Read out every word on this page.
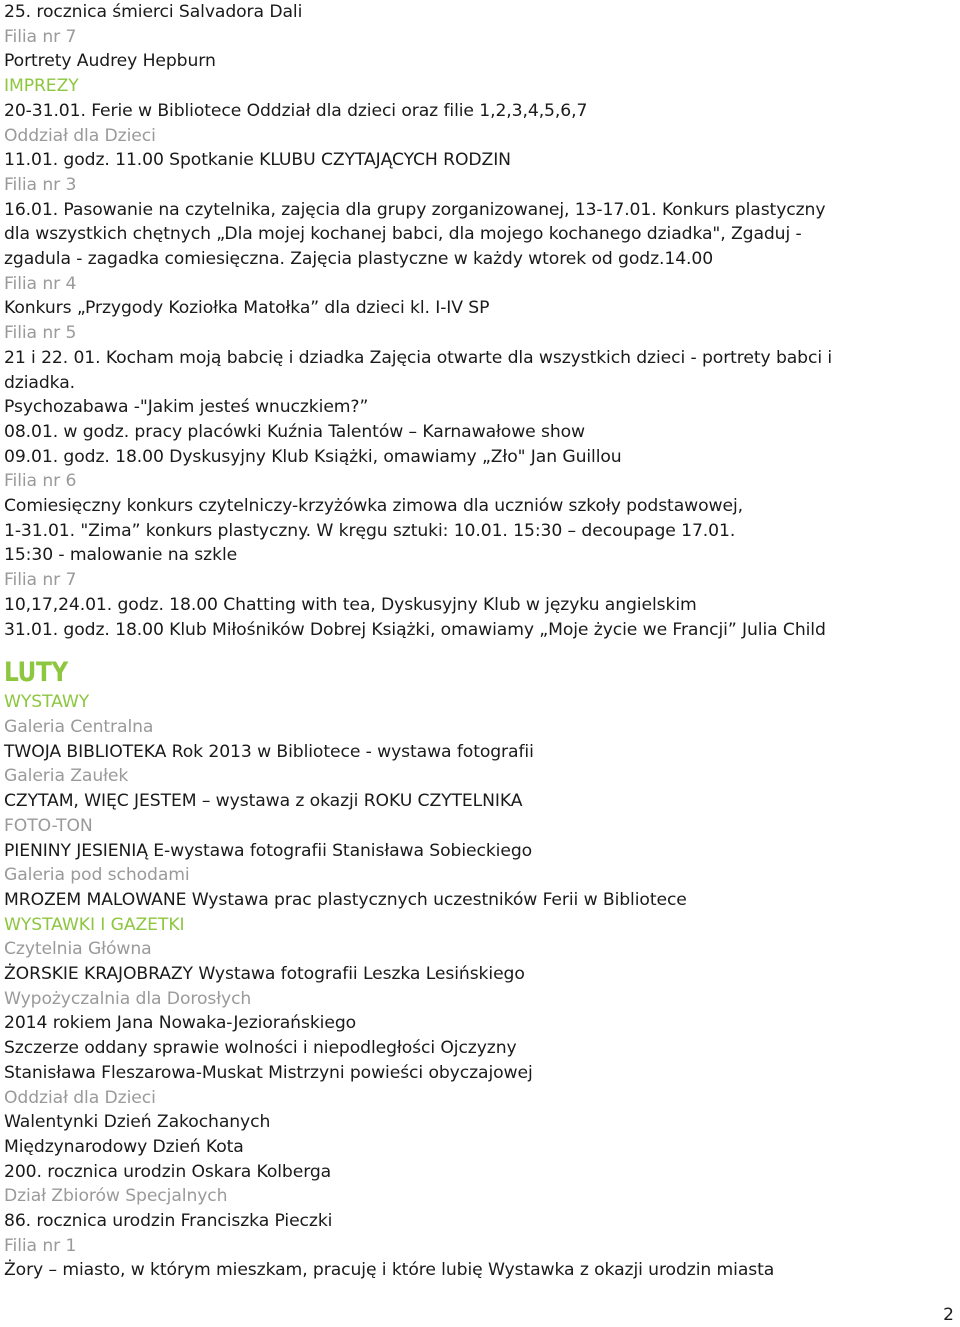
25. rocznica śmierci Salvadora Dali
Filia nr 7
Portrety Audrey Hepburn
IMPREZY
20-31.01. Ferie w Bibliotece Oddział dla dzieci oraz filie 1,2,3,4,5,6,7
Oddział dla Dzieci
11.01. godz. 11.00 Spotkanie KLUBU CZYTAJĄCYCH RODZIN
Filia nr 3
16.01. Pasowanie na czytelnika, zajęcia dla grupy zorganizowanej, 13-17.01. Konkurs plastyczny
dla wszystkich chętnych „Dla mojej kochanej babci, dla mojego kochanego dziadka", Zgaduj -
zgadula - zagadka comiesięczna. Zajęcia plastyczne w każdy wtorek od godz.14.00
Filia nr 4
Konkurs „Przygody Koziołka Matołka” dla dzieci kl. I-IV SP
Filia nr 5
21 i 22. 01. Kocham moją babcię i dziadka Zajęcia otwarte dla wszystkich dzieci - portrety babci i
dziadka.
Psychozabawa -"Jakim jesteś wnuczkiem?”
08.01. w godz. pracy placówki Kuźnia Talentów – Karnawałowe show
09.01. godz. 18.00 Dyskusyjny Klub Książki, omawiamy „Zło" Jan Guillou
Filia nr 6
Comiesięczny konkurs czytelniczy-krzyżówka zimowa dla uczniów szkoły podstawowej,
1-31.01. "Zima” konkurs plastyczny. W kręgu sztuki: 10.01. 15:30 – decoupage 17.01.
15:30 - malowanie na szkle
Filia nr 7
10,17,24.01. godz. 18.00 Chatting with tea, Dyskusyjny Klub w języku angielskim
31.01. godz. 18.00 Klub Miłośników Dobrej Książki, omawiamy „Moje życie we Francji” Julia Child
LUTY
WYSTAWY
Galeria Centralna
TWOJA BIBLIOTEKA Rok 2013 w Bibliotece - wystawa fotografii
Galeria Zaułek
CZYTAM, WIĘC JESTEM – wystawa z okazji ROKU CZYTELNIKA
FOTO-TON
PIENINY JESIENIĄ E-wystawa fotografii Stanisława Sobieckiego
Galeria pod schodami
MROZEM MALOWANE Wystawa prac plastycznych uczestników Ferii w Bibliotece
WYSTAWKI I GAZETKI
Czytelnia Główna
ŻORSKIE KRAJOBRAZY Wystawa fotografii Leszka Lesińskiego
Wypożyczalnia dla Dorosłych
2014 rokiem Jana Nowaka-Jeziorańskiego
Szczerze oddany sprawie wolności i niepodległości Ojczyzny
Stanisława Fleszarowa-Muskat Mistrzyni powieści obyczajowej
Oddział dla Dzieci
Walentynki Dzień Zakochanych
Międzynarodowy Dzień Kota
200. rocznica urodzin Oskara Kolberga
Dział Zbiorów Specjalnych
86. rocznica urodzin Franciszka Pieczki
Filia nr 1
Żory – miasto, w którym mieszkam, pracuję i które lubię Wystawka z okazji urodzin miasta
2
